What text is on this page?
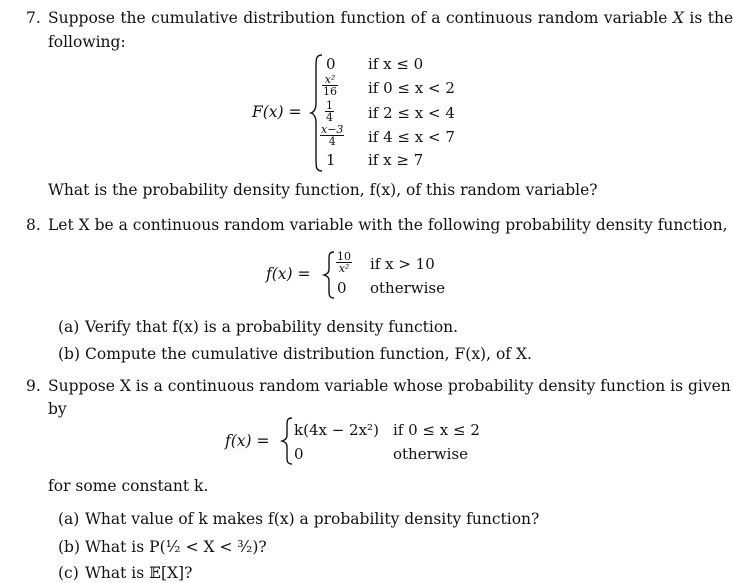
7. Suppose the cumulative distribution function of a continuous random variable X is the
following:
F(x) =
0 if x ≤ 0
$\frac{\text{x²}}{16}$ if 0 ≤ x < 2
$\frac{1}{4}$ if 2 ≤ x < 4
$\frac{x-3}{4}$ if 4 ≤ x < 7
1 if x ≥ 7
What is the probability density function, f(x), of this random variable?
8. Let X be a continuous random variable with the following probability density function,
$f(x) = \frac{10}{\text{x²}}$ if x > 10
0 otherwise
(a) Verify that f(x) is a probability density function.
(b) Compute the cumulative distribution function, F(x), of X.
9. Suppose X is a continuous random variable whose probability density function is given
by
f(x) =
k(4x − 2x²) if 0 ≤ x ≤ 2
0	otherwise
for some constant k.
(a) What value of k makes f(x) a probability density function?
(b) What is P(¹⁄₂ < X < ³⁄₂)?
(c) What is 𝔼[X]?
